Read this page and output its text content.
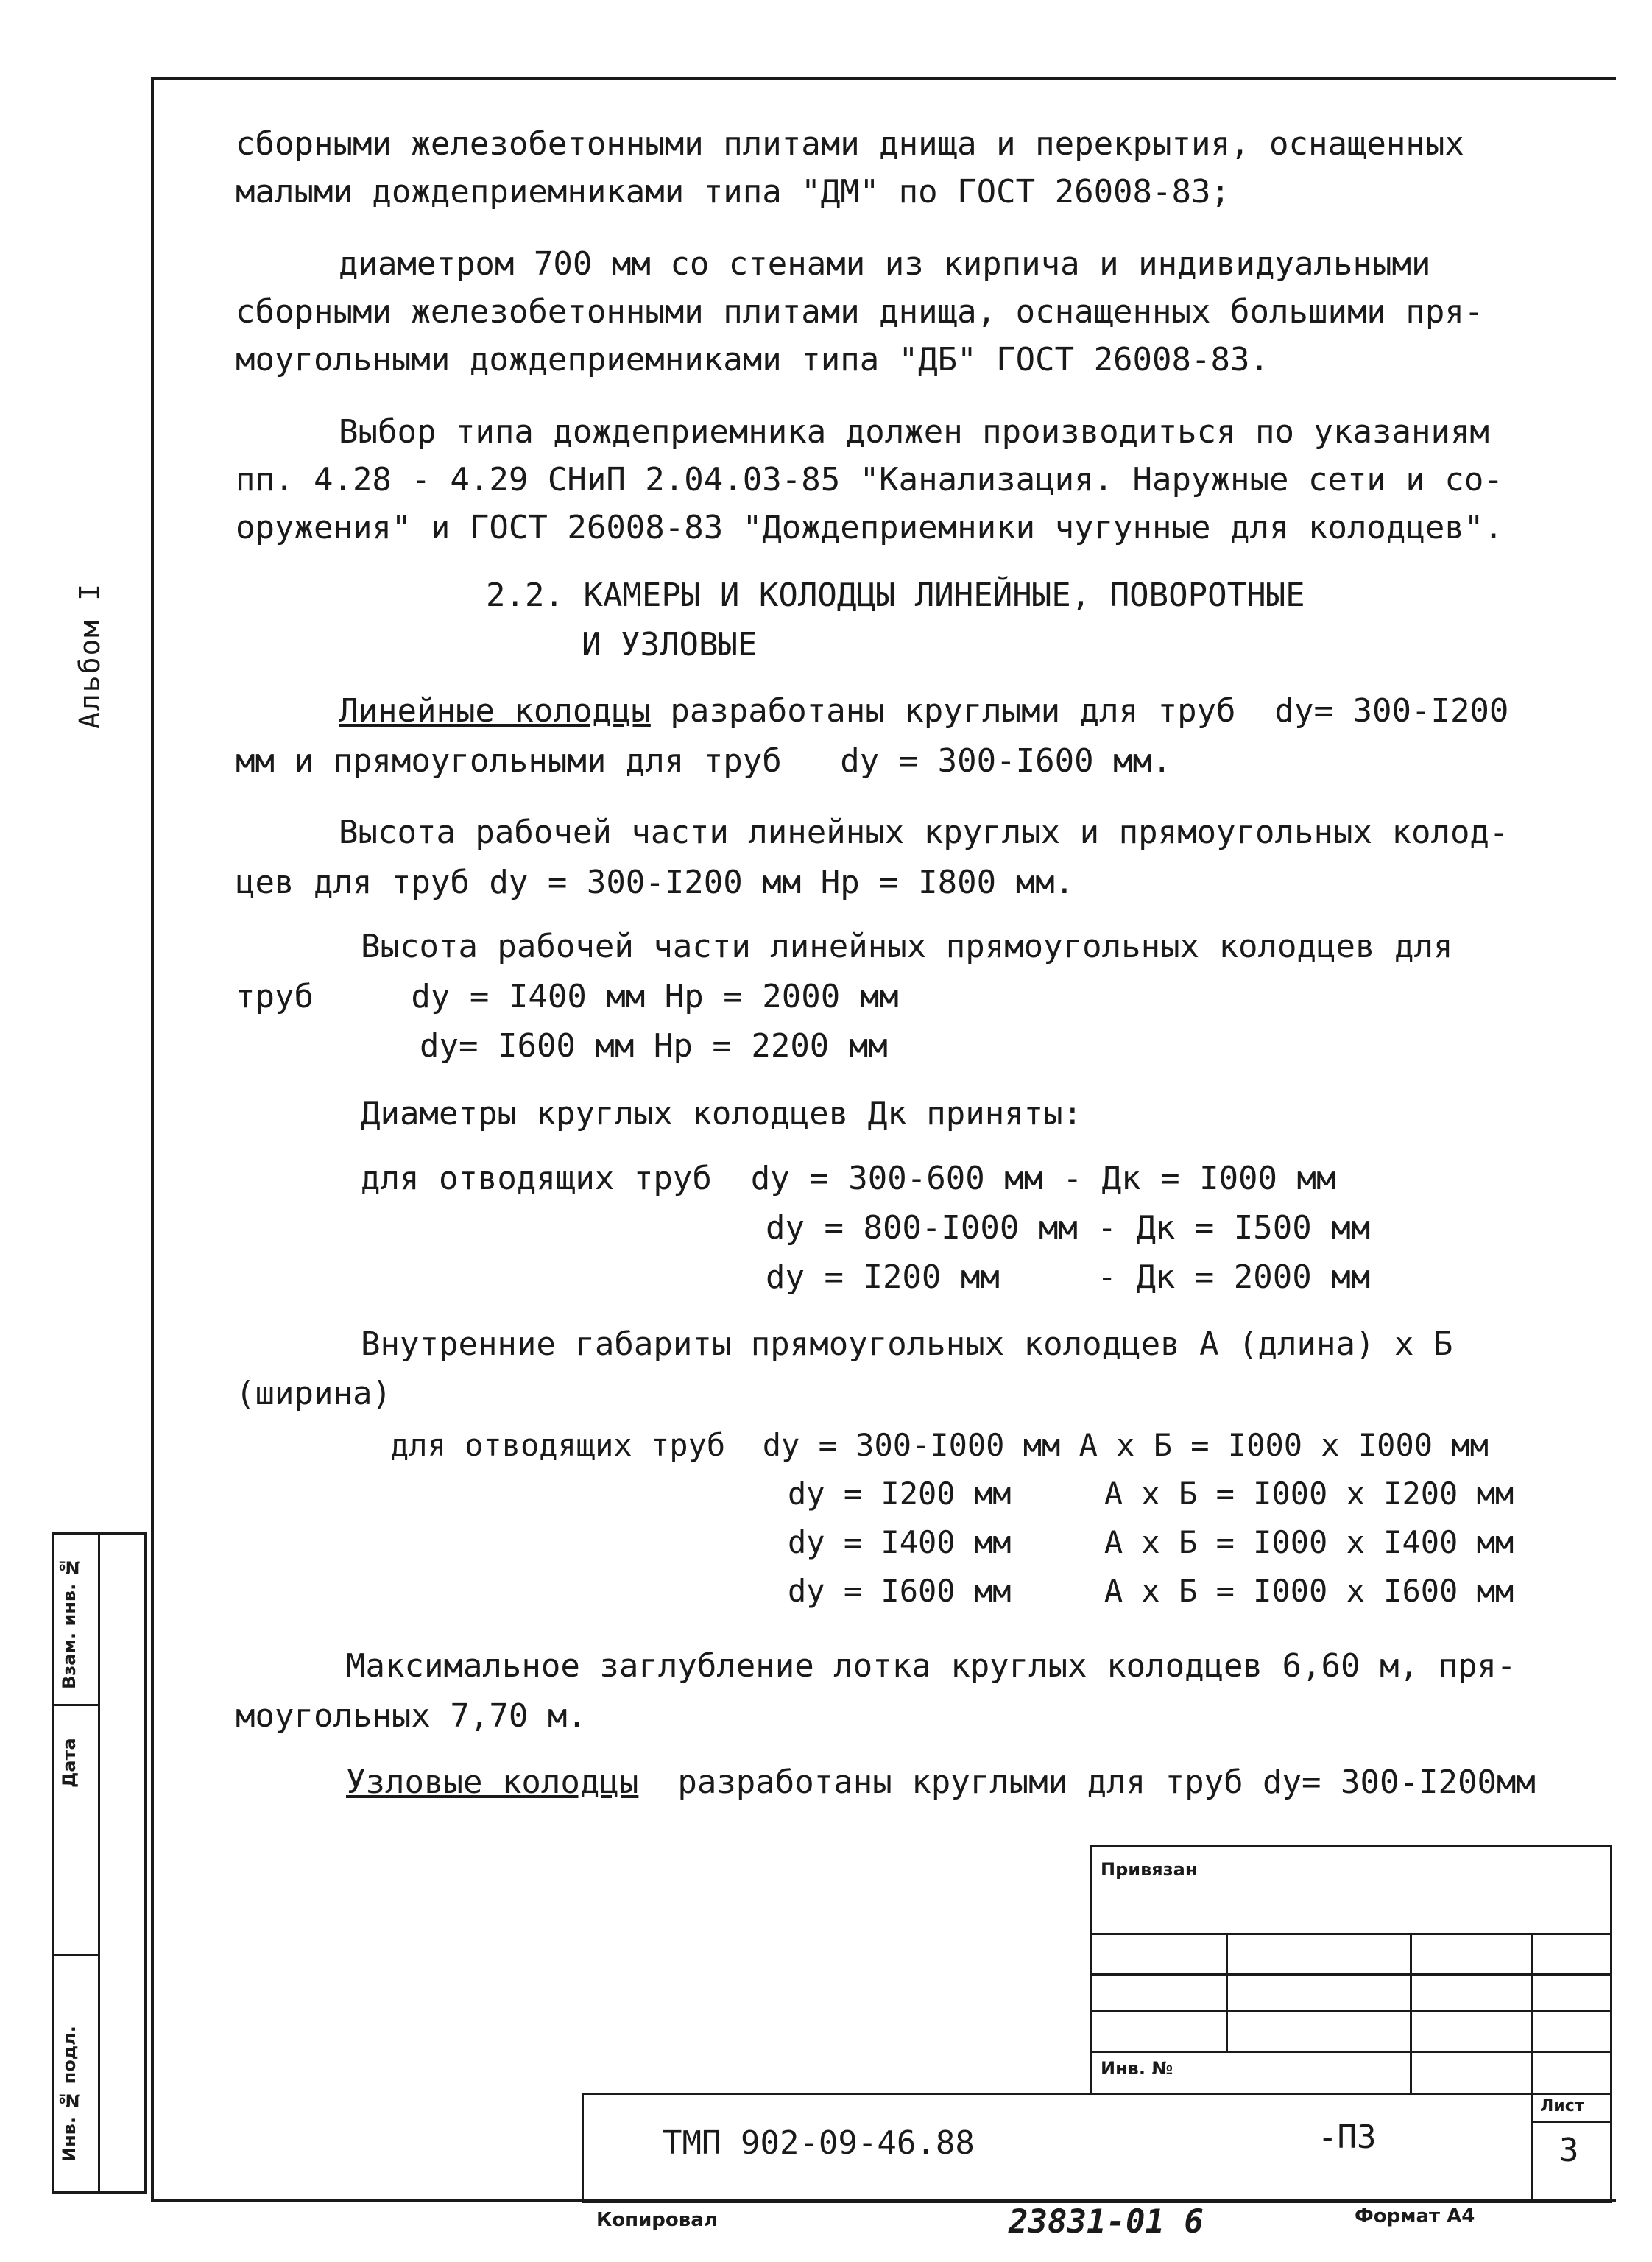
Альбом I
сборными железобетонными плитами днища и перекрытия, оснащенных
малыми дождеприемниками типа "ДМ" по ГОСТ 26008-83;
диаметром 700 мм со стенами из кирпича и индивидуальными
сборными железобетонными плитами днища, оснащенных большими пря-
моугольными дождеприемниками типа "ДБ" ГОСТ 26008-83.
Выбор типа дождеприемника должен производиться по указаниям
пп. 4.28 - 4.29 СНиП 2.04.03-85 "Канализация. Наружные сети и со-
оружения" и ГОСТ 26008-83 "Дождеприемники чугунные для колодцев".
2.2. КАМЕРЫ И КОЛОДЦЫ ЛИНЕЙНЫЕ, ПОВОРОТНЫЕ
И УЗЛОВЫЕ
Линейные колодцы разработаны круглыми для труб  dу= 300-I200
мм и прямоугольными для труб   dу = 300-I600 мм.
Высота рабочей части линейных круглых и прямоугольных колод-
цев для труб dу = 300-I200 мм Нр = I800 мм.
Высота рабочей части линейных прямоугольных колодцев для
труб     dу = I400 мм Нр = 2000 мм
dу= I600 мм Нр = 2200 мм
Диаметры круглых колодцев Дк приняты:
для отводящих труб  dу = 300-600 мм - Дк = I000 мм
dу = 800-I000 мм - Дк = I500 мм
dу = I200 мм     - Дк = 2000 мм
Внутренние габариты прямоугольных колодцев А (длина) х Б
(ширина)
для отводящих труб  dу = 300-I000 мм А х Б = I000 х I000 мм
dу = I200 мм     А х Б = I000 х I200 мм
dу = I400 мм     А х Б = I000 х I400 мм
dу = I600 мм     А х Б = I000 х I600 мм
Максимальное заглубление лотка круглых колодцев 6,60 м, пря-
моугольных 7,70 м.
Узловые колодцы  разработаны круглыми для труб dу= 300-I200мм
Взам. инв. №
Дата
Инв. № подл.
Привязан
Инв. №
ТМП 902-09-46.88	-ПЗ
Лист
3
Копировал	23831-01 6	Формат А4
